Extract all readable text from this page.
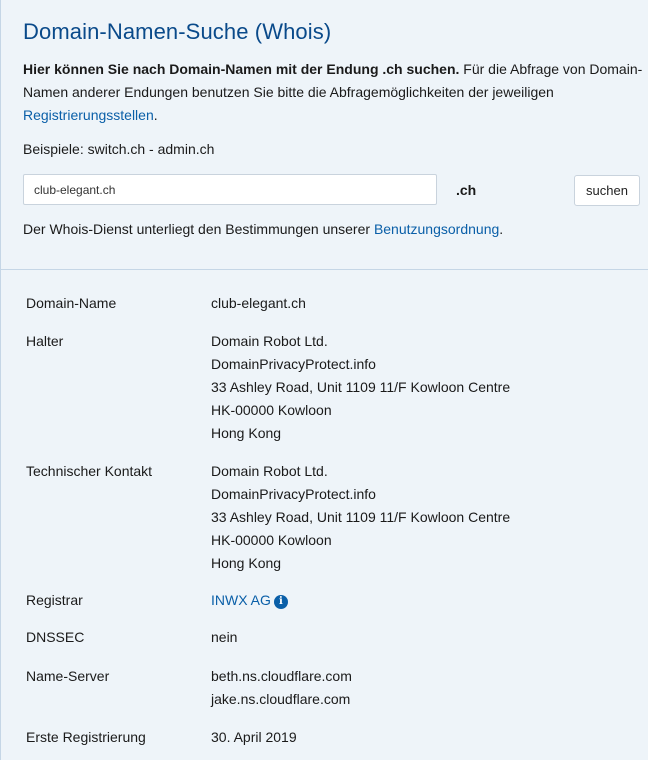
Domain-Namen-Suche (Whois)

Hier können Sie nach Domain-Namen mit der Endung .ch suchen. Für die Abfrage von Domain-Namen anderer Endungen benutzen Sie bitte die Abfragemöglichkeiten der jeweiligen Registrierungsstellen.

Beispiele: switch.ch - admin.ch
club-elegant.ch
.ch	suchen
Der Whois-Dienst unterliegt den Bestimmungen unserer Benutzungsordnung.
Domain-Name	club-elegant.ch
Halter	Domain Robot Ltd.
DomainPrivacyProtect.info
33 Ashley Road, Unit 1109 11/F Kowloon Centre
HK-00000 Kowloon
Hong Kong
Technischer Kontakt	Domain Robot Ltd.
DomainPrivacyProtect.info
33 Ashley Road, Unit 1109 11/F Kowloon Centre
HK-00000 Kowloon
Hong Kong
Registrar	INWX AG i
DNSSEC	nein
Name-Server	beth.ns.cloudflare.com
jake.ns.cloudflare.com
Erste Registrierung	30. April 2019
